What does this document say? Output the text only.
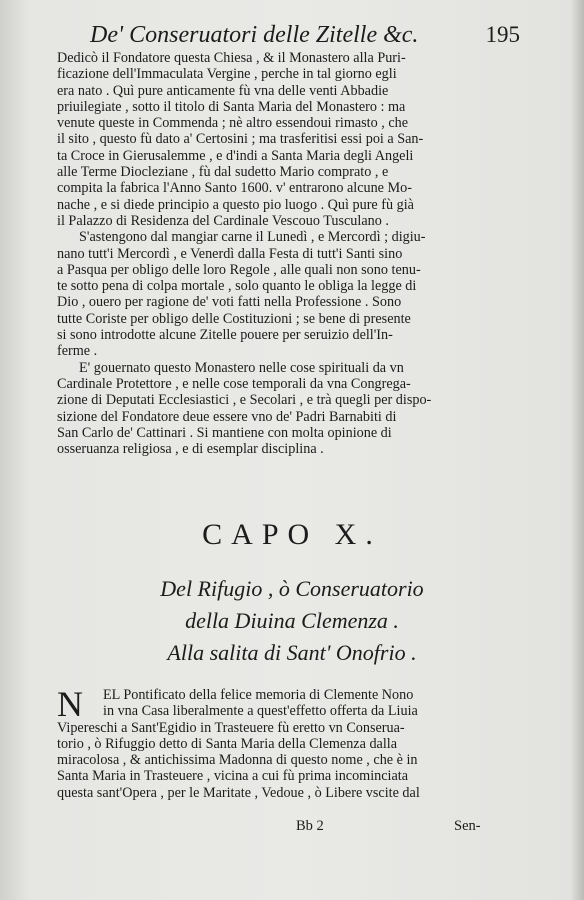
De' Conseruatori delle Zitelle &c.	195

Dedicò il Fondatore questa Chiesa , & il Monastero alla Puri-
ficazione dell'Immaculata Vergine , perche in tal giorno egli
era nato . Quì pure anticamente fù vna delle venti Abbadie
priuilegiate , sotto il titolo di Santa Maria del Monastero : ma
venute queste in Commenda ; nè altro essendoui rimasto , che
il sito , questo fù dato a' Certosini ; ma trasferitisi essi poi a San-
ta Croce in Gierusalemme , e d'indi a Santa Maria degli Angeli
alle Terme Diocleziane , fù dal sudetto Mario comprato , e
compita la fabrica l'Anno Santo 1600. v' entrarono alcune Mo-
nache , e si diede principio a questo pio luogo . Quì pure fù già
il Palazzo di Residenza del Cardinale Vescouo Tusculano .

S'astengono dal mangiar carne il Lunedì , e Mercordì ; digiu-
nano tutt'i Mercordì , e Venerdì dalla Festa di tutt'i Santi sino
a Pasqua per obligo delle loro Regole , alle quali non sono tenu-
te sotto pena di colpa mortale , solo quanto le obliga la legge di
Dio , ouero per ragione de' voti fatti nella Professione . Sono
tutte Coriste per obligo delle Costituzioni ; se bene di presente
si sono introdotte alcune Zitelle pouere per seruizio dell'In-
ferme .

E' gouernato questo Monastero nelle cose spirituali da vn
Cardinale Protettore , e nelle cose temporali da vna Congrega-
zione di Deputati Ecclesiastici , e Secolari , e trà quegli per dispo-
sizione del Fondatore deue essere vno de' Padri Barnabiti di
San Carlo de' Cattinari . Si mantiene con molta opinione di
osseruanza religiosa , e di esemplar disciplina .

CAPO X.
Del Rifugio , ò Conseruatorio
della Diuina Clemenza .
Alla salita di Sant' Onofrio .
N	EL Pontificato della felice memoria di Clemente Nono
in vna Casa liberalmente a quest'effetto offerta da Liuia
Vipereschi a Sant'Egidio in Trasteuere fù eretto vn Conserua-
torio , ò Rifuggio detto di Santa Maria della Clemenza dalla
miracolosa , & antichissima Madonna di questo nome , che è in
Santa Maria in Trasteuere , vicina a cui fù prima incominciata
questa sant'Opera , per le Maritate , Vedoue , ò Libere vscite dal
Bb 2	Sen-
